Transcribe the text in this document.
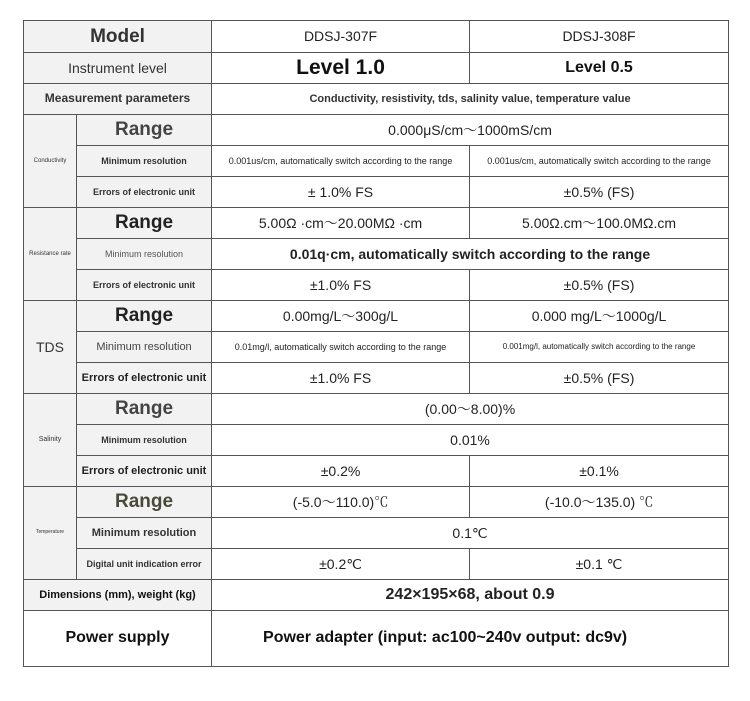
Model		DDSJ-307F	DDSJ-308F
Instrument level		Level 1.0	Level 0.5
Measurement parameters		Conductivity, resistivity, tds, salinity value, temperature value	
Conductivity	Range	0.000μS/cm～1000mS/cm	
	Minimum resolution	0.001us/cm, automatically switch according to the range	0.001us/cm, automatically switch according to the range
	Errors of electronic unit	± 1.0% FS	±0.5% (FS)
Resistance rate	Range	5.00Ω ·cm～20.00MΩ ·cm	5.00Ω.cm～100.0MΩ.cm
	Minimum resolution	0.01q·cm, automatically switch according to the range	
	Errors of electronic unit	±1.0% FS	±0.5% (FS)
TDS	Range	0.00mg/L～300g/L	0.000 mg/L～1000g/L
	Minimum resolution	0.01mg/l, automatically switch according to the range	0.001mg/l, automatically switch according to the range
	Errors of electronic unit	±1.0% FS	±0.5% (FS)
Salinity	Range	(0.00～8.00)%	
	Minimum resolution	0.01%	
	Errors of electronic unit	±0.2%	±0.1%
Temperature	Range	(-5.0～110.0)℃	(-10.0～135.0) ℃
	Minimum resolution	0.1℃	
	Digital unit indication error	±0.2℃	±0.1 ℃
Dimensions (mm), weight (kg)		242×195×68, about 0.9	
Power supply		Power adapter (input: ac100~240v output: dc9v)	
